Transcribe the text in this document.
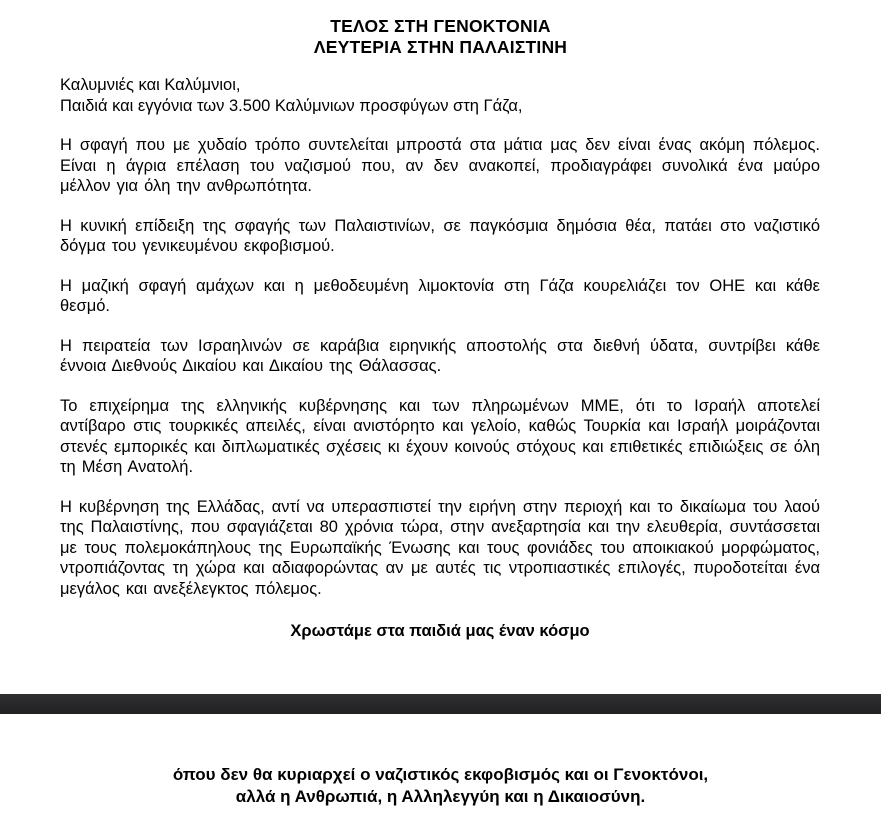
ΤΕΛΟΣ ΣΤΗ ΓΕΝΟΚΤΟΝΙΑ
ΛΕΥΤΕΡΙΑ ΣΤΗΝ ΠΑΛΑΙΣΤΙΝΗ
Καλυμνιές και Καλύμνιοι,
Παιδιά και εγγόνια των 3.500 Καλύμνιων προσφύγων στη Γάζα,

Η σφαγή που με χυδαίο τρόπο συντελείται μπροστά στα μάτια μας δεν είναι ένας ακόμη πόλεμος. Είναι η άγρια επέλαση του ναζισμού που, αν δεν ανακοπεί, προδιαγράφει συνολικά ένα μαύρο μέλλον για όλη την ανθρωπότητα.

Η κυνική επίδειξη της σφαγής των Παλαιστινίων, σε παγκόσμια δημόσια θέα, πατάει στο ναζιστικό δόγμα του γενικευμένου εκφοβισμού.

Η μαζική σφαγή αμάχων και η μεθοδευμένη λιμοκτονία στη Γάζα κουρελιάζει τον ΟΗΕ και κάθε θεσμό.

Η πειρατεία των Ισραηλινών σε καράβια ειρηνικής αποστολής στα διεθνή ύδατα, συντρίβει κάθε έννοια Διεθνούς Δικαίου και Δικαίου της Θάλασσας.

Το επιχείρημα της ελληνικής κυβέρνησης και των πληρωμένων ΜΜΕ, ότι το Ισραήλ αποτελεί αντίβαρο στις τουρκικές απειλές, είναι ανιστόρητο και γελοίο, καθώς Τουρκία και Ισραήλ μοιράζονται στενές εμπορικές και διπλωματικές σχέσεις κι έχουν κοινούς στόχους και επιθετικές επιδιώξεις σε όλη τη Μέση Ανατολή.

Η κυβέρνηση της Ελλάδας, αντί να υπερασπιστεί την ειρήνη στην περιοχή και το δικαίωμα του λαού της Παλαιστίνης, που σφαγιάζεται 80 χρόνια τώρα, στην ανεξαρτησία και την ελευθερία, συντάσσεται με τους πολεμοκάπηλους της Ευρωπαϊκής Ένωσης και τους φονιάδες του αποικιακού μορφώματος, ντροπιάζοντας τη χώρα και αδιαφορώντας αν με αυτές τις ντροπιαστικές επιλογές, πυροδοτείται ένα μεγάλος και ανεξέλεγκτος πόλεμος.

Χρωστάμε στα παιδιά μας έναν κόσμο

όπου δεν θα κυριαρχεί ο ναζιστικός εκφοβισμός και οι Γενοκτόνοι,
αλλά η Ανθρωπιά, η Αλληλεγγύη και η Δικαιοσύνη.
